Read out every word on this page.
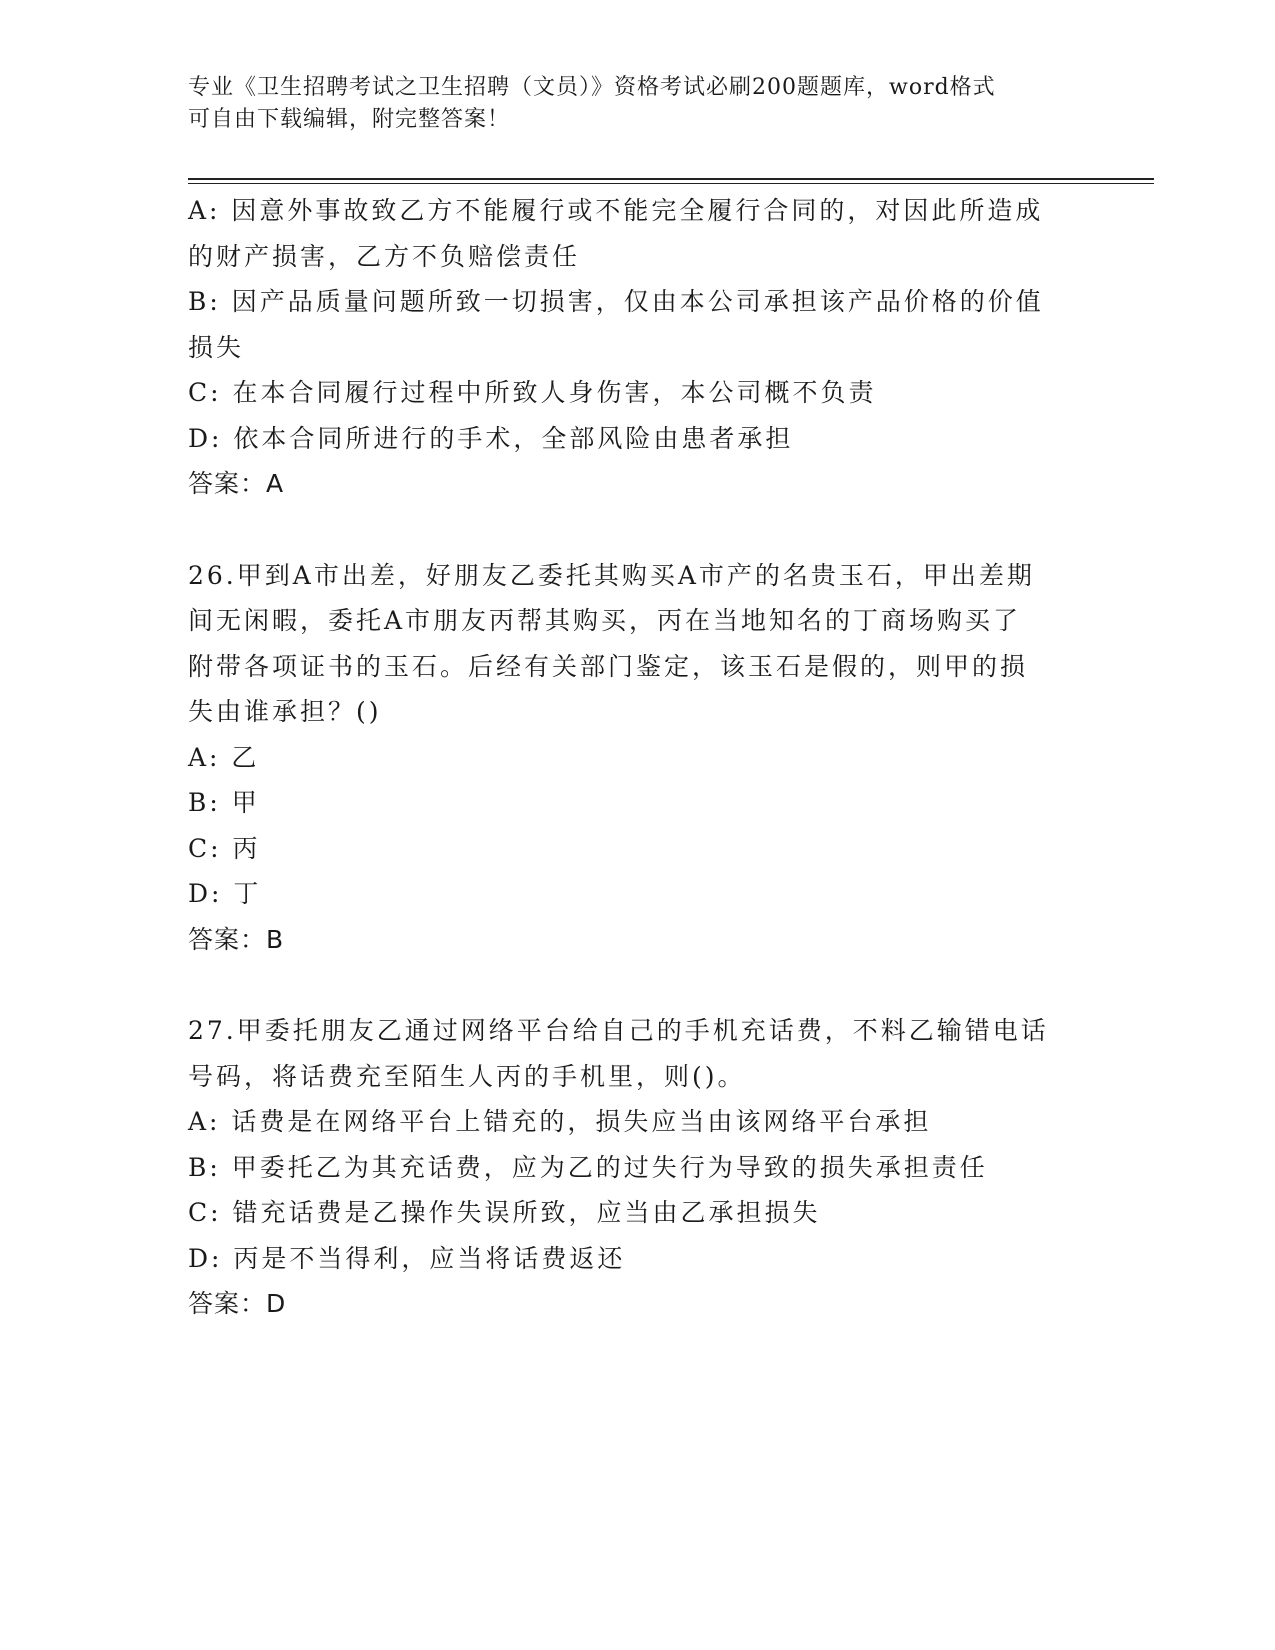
专业《卫生招聘考试之卫生招聘（文员）》资格考试必刷200题题库，word格式
可自由下载编辑，附完整答案！
A: 因意外事故致乙方不能履行或不能完全履行合同的，对因此所造成
的财产损害，乙方不负赔偿责任
B: 因产品质量问题所致一切损害，仅由本公司承担该产品价格的价值
损失
C: 在本合同履行过程中所致人身伤害，本公司概不负责
D: 依本合同所进行的手术，全部风险由患者承担
答案：A
26.甲到A市出差，好朋友乙委托其购买A市产的名贵玉石，甲出差期
间无闲暇，委托A市朋友丙帮其购买，丙在当地知名的丁商场购买了
附带各项证书的玉石。后经有关部门鉴定，该玉石是假的，则甲的损
失由谁承担？()
A: 乙
B: 甲
C: 丙
D: 丁
答案：B
27.甲委托朋友乙通过网络平台给自己的手机充话费，不料乙输错电话
号码，将话费充至陌生人丙的手机里，则()。
A: 话费是在网络平台上错充的，损失应当由该网络平台承担
B: 甲委托乙为其充话费，应为乙的过失行为导致的损失承担责任
C: 错充话费是乙操作失误所致，应当由乙承担损失
D: 丙是不当得利，应当将话费返还
答案：D
